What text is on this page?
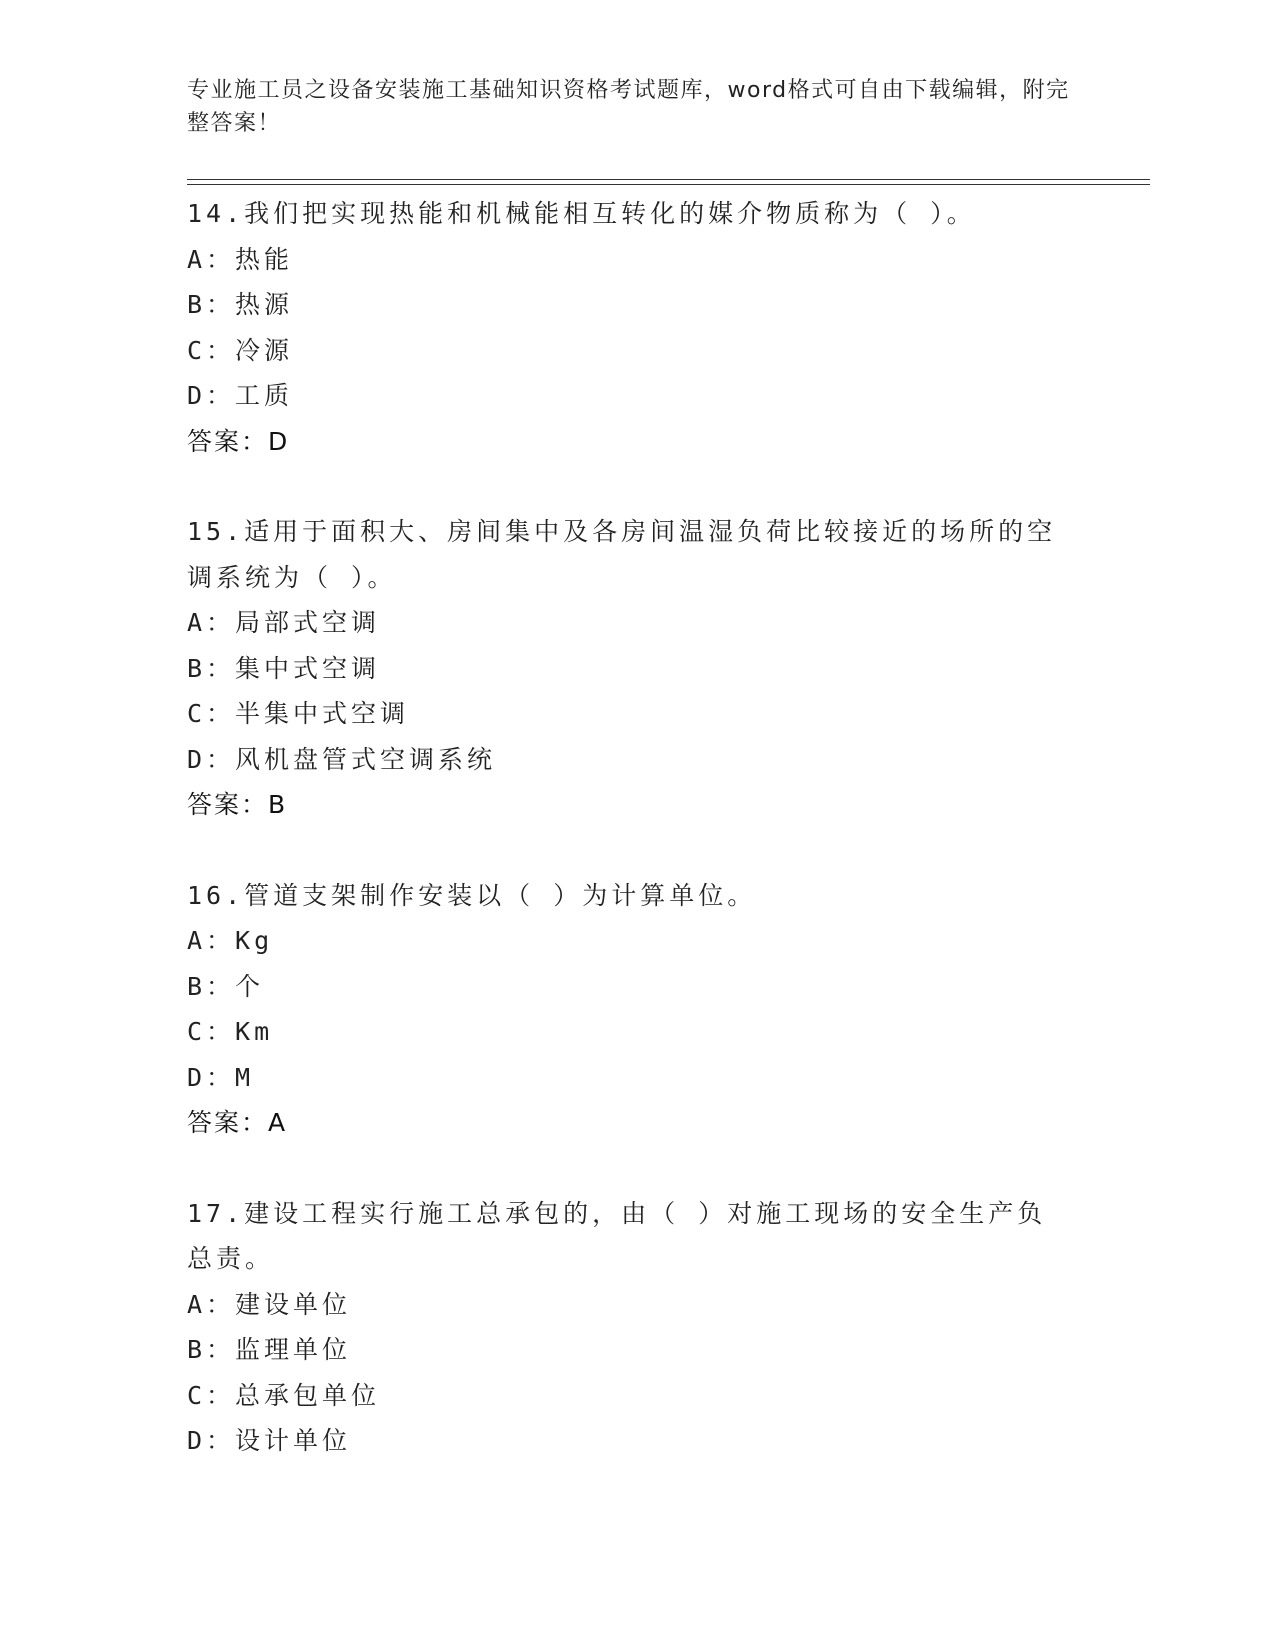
专业施工员之设备安装施工基础知识资格考试题库，word格式可自由下载编辑，附完整答案！
14.我们把实现热能和机械能相互转化的媒介物质称为（ ）。
A：热能
B：热源
C：冷源
D：工质
答案：D
15.适用于面积大、房间集中及各房间温湿负荷比较接近的场所的空调系统为（ ）。
A：局部式空调
B：集中式空调
C：半集中式空调
D：风机盘管式空调系统
答案：B
16.管道支架制作安装以（ ）为计算单位。
A：Kg
B：个
C：Km
D：M
答案：A
17.建设工程实行施工总承包的，由（ ）对施工现场的安全生产负总责。
A：建设单位
B：监理单位
C：总承包单位
D：设计单位
